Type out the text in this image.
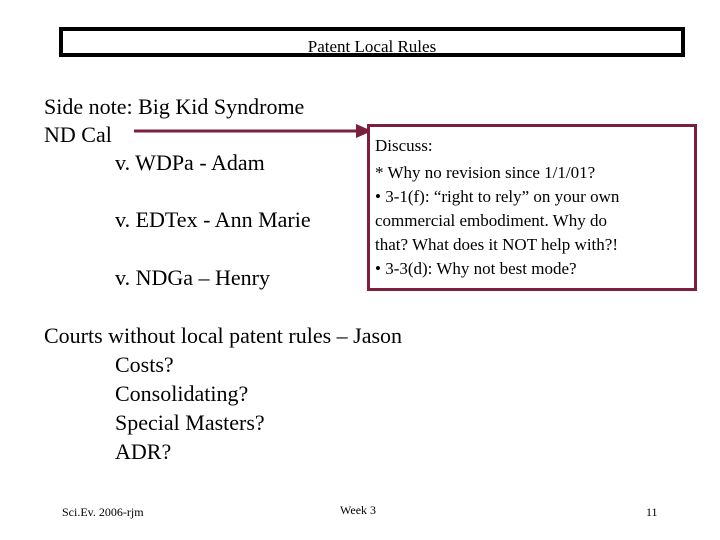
Patent Local Rules
Side note: Big Kid Syndrome
ND Cal
v. WDPa - Adam
v. EDTex - Ann Marie
v. NDGa – Henry
Discuss:
* Why no revision since 1/1/01?
• 3-1(f): “right to rely” on your own
commercial embodiment. Why do
that? What does it NOT help with?!
• 3-3(d): Why not best mode?
Courts without local patent rules – Jason
Costs?
Consolidating?
Special Masters?
ADR?
Sci.Ev. 2006-rjm	Week 3	11
